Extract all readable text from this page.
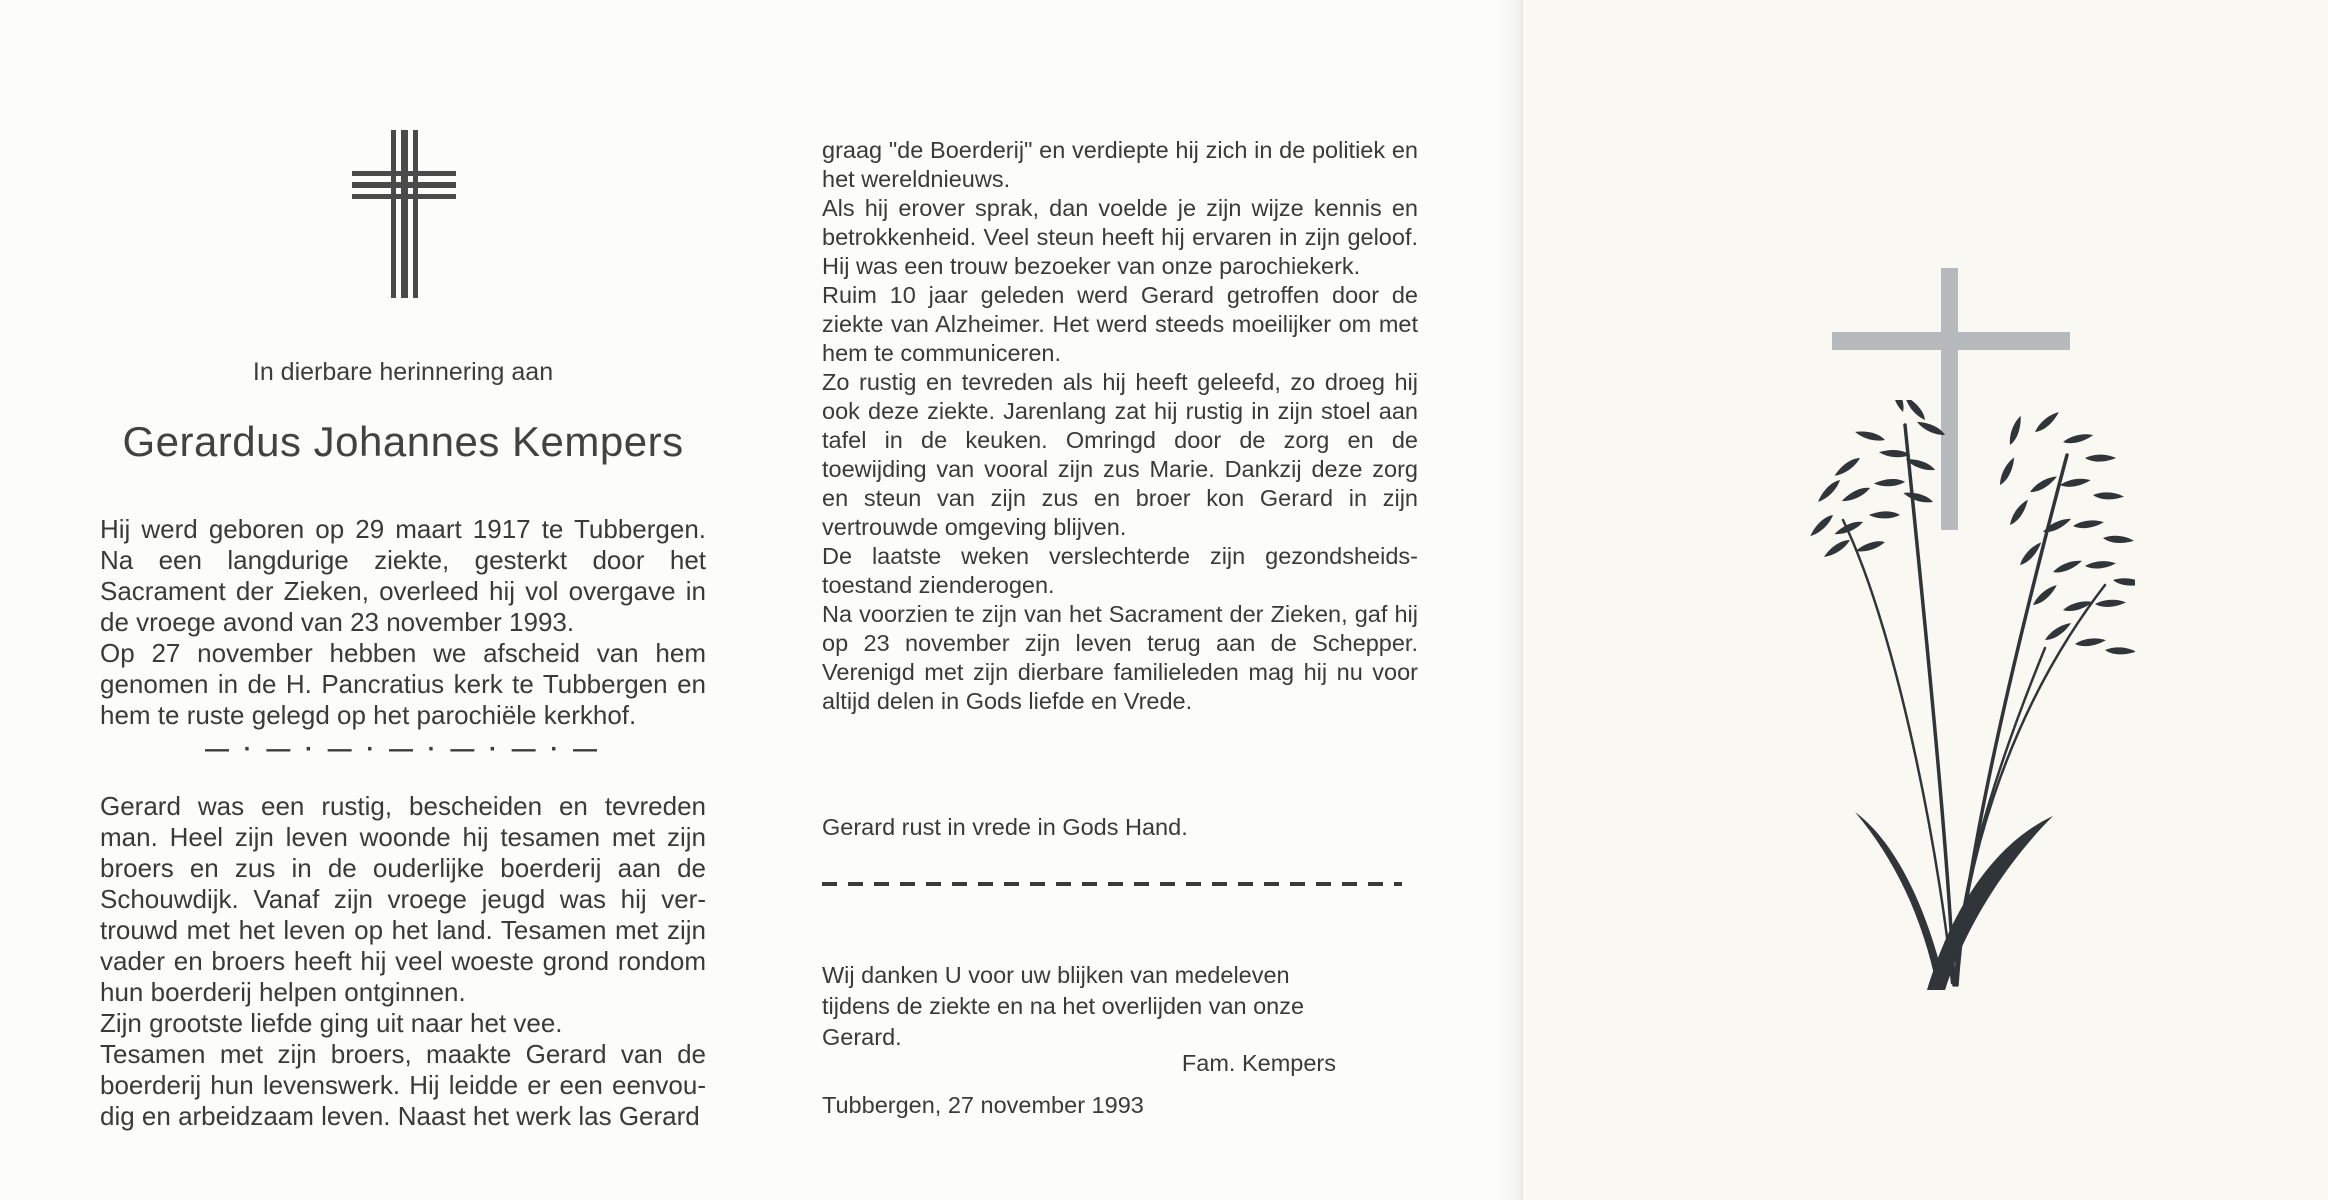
In dierbare herinnering aan

Gerardus Johannes Kempers

Hij werd geboren op 29 maart 1917 te Tubbergen. Na een langdurige ziekte, gesterkt door het Sacrament der Zieken, overleed hij vol overgave in de vroege avond van 23 november 1993.

Op 27 november hebben we afscheid van hem genomen in de H. Pancratius kerk te Tubbergen en hem te ruste gelegd op het parochiële kerkhof.

— · — · — · — · — · — · —

Gerard was een rustig, bescheiden en tevreden man. Heel zijn leven woonde hij tesamen met zijn broers en zus in de ouderlijke boerderij aan de Schouwdijk. Vanaf zijn vroege jeugd was hij vertrouwd met het leven op het land. Tesamen met zijn vader en broers heeft hij veel woeste grond rondom hun boerderij helpen ontginnen.

Zijn grootste liefde ging uit naar het vee.

Tesamen met zijn broers, maakte Gerard van de boerderij hun levenswerk. Hij leidde er een eenvoudig en arbeidzaam leven. Naast het werk las Gerard

graag "de Boerderij" en verdiepte hij zich in de politiek en het wereldnieuws.

Als hij erover sprak, dan voelde je zijn wijze kennis en betrokkenheid. Veel steun heeft hij ervaren in zijn geloof. Hij was een trouw bezoeker van onze parochiekerk.

Ruim 10 jaar geleden werd Gerard getroffen door de ziekte van Alzheimer. Het werd steeds moeilijker om met hem te communiceren.

Zo rustig en tevreden als hij heeft geleefd, zo droeg hij ook deze ziekte. Jarenlang zat hij rustig in zijn stoel aan tafel in de keuken. Omringd door de zorg en de toewijding van vooral zijn zus Marie. Dankzij deze zorg en steun van zijn zus en broer kon Gerard in zijn vertrouwde omgeving blijven.

De laatste weken verslechterde zijn gezondsheidstoestand zienderogen.

Na voorzien te zijn van het Sacrament der Zieken, gaf hij op 23 november zijn leven terug aan de Schepper. Verenigd met zijn dierbare familieleden mag hij nu voor altijd delen in Gods liefde en Vrede.

Gerard rust in vrede in Gods Hand.

Wij danken U voor uw blijken van medeleven tijdens de ziekte en na het overlijden van onze Gerard.

Fam. Kempers

Tubbergen, 27 november 1993
